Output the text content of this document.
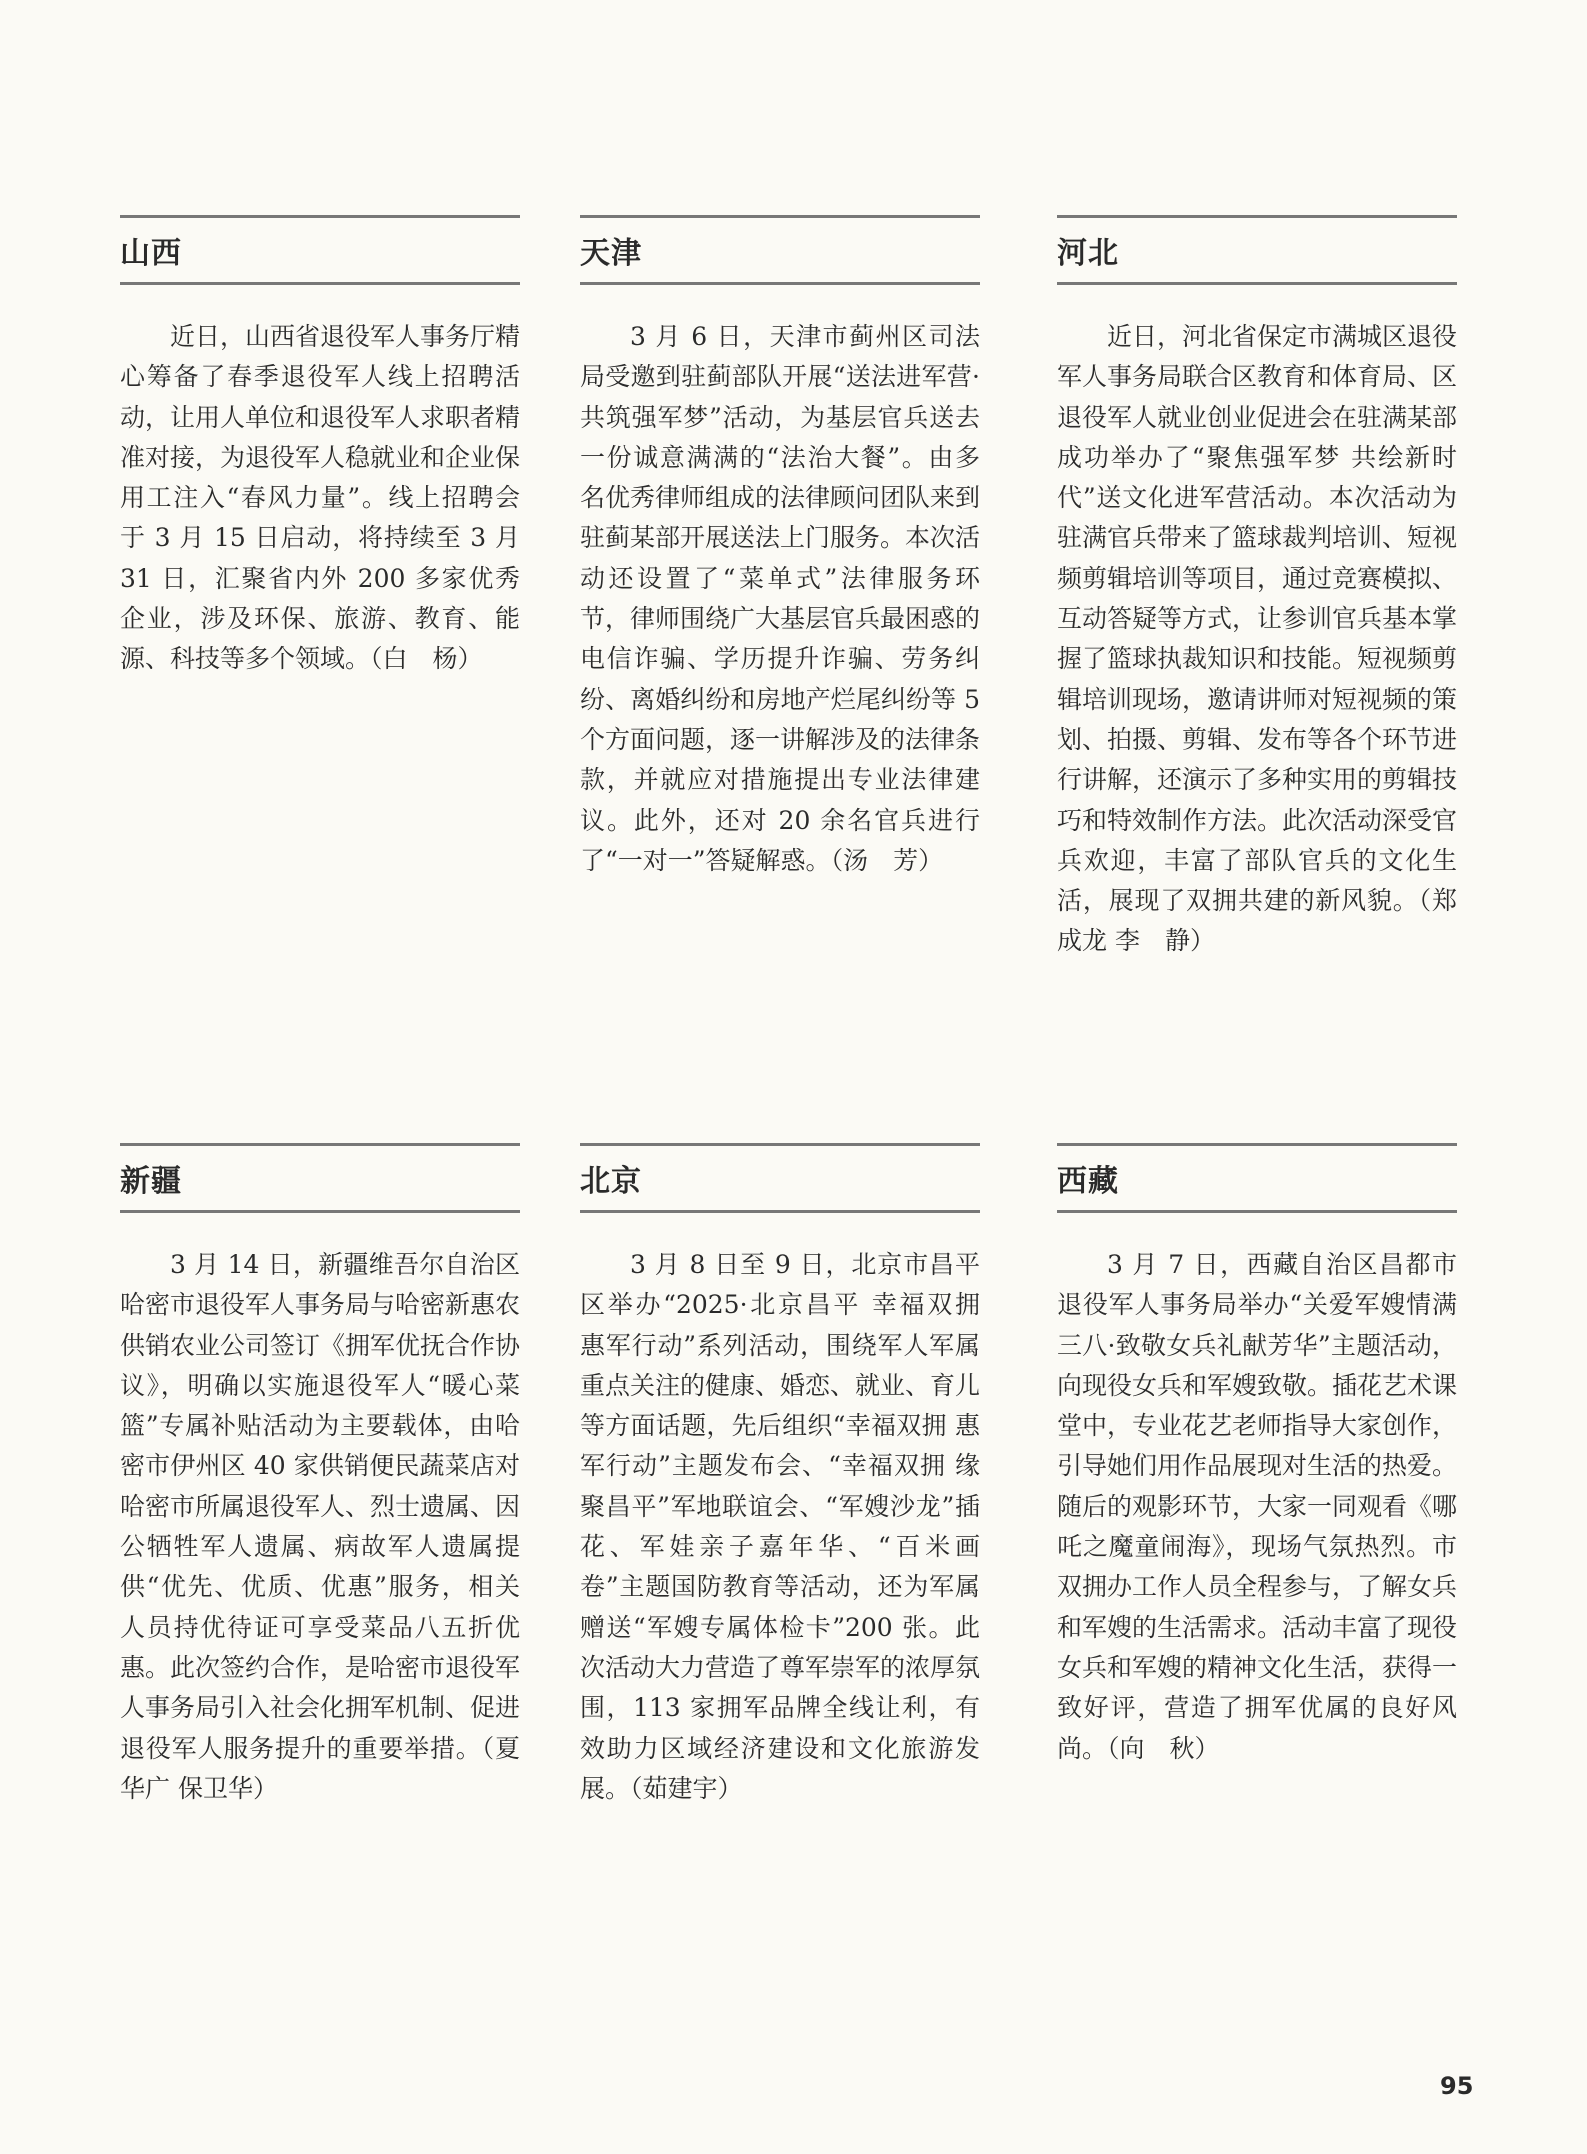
山西

近日，山西省退役军人事务厅精心筹备了春季退役军人线上招聘活动，让用人单位和退役军人求职者精准对接，为退役军人稳就业和企业保用工注入“春风力量”。线上招聘会于 3 月 15 日启动，将持续至 3 月 31 日，汇聚省内外 200 多家优秀企业，涉及环保、旅游、教育、能源、科技等多个领域。（白　杨）

天津

3 月 6 日，天津市蓟州区司法局受邀到驻蓟部队开展“送法进军营·共筑强军梦”活动，为基层官兵送去一份诚意满满的“法治大餐”。由多名优秀律师组成的法律顾问团队来到驻蓟某部开展送法上门服务。本次活动还设置了“菜单式”法律服务环节，律师围绕广大基层官兵最困惑的电信诈骗、学历提升诈骗、劳务纠纷、离婚纠纷和房地产烂尾纠纷等 5 个方面问题，逐一讲解涉及的法律条款，并就应对措施提出专业法律建议。此外，还对 20 余名官兵进行了“一对一”答疑解惑。（汤　芳）

河北

近日，河北省保定市满城区退役军人事务局联合区教育和体育局、区退役军人就业创业促进会在驻满某部成功举办了“聚焦强军梦 共绘新时代”送文化进军营活动。本次活动为驻满官兵带来了篮球裁判培训、短视频剪辑培训等项目，通过竞赛模拟、互动答疑等方式，让参训官兵基本掌握了篮球执裁知识和技能。短视频剪辑培训现场，邀请讲师对短视频的策划、拍摄、剪辑、发布等各个环节进行讲解，还演示了多种实用的剪辑技巧和特效制作方法。此次活动深受官兵欢迎，丰富了部队官兵的文化生活，展现了双拥共建的新风貌。（郑成龙 李　静）

新疆

3 月 14 日，新疆维吾尔自治区哈密市退役军人事务局与哈密新惠农供销农业公司签订《拥军优抚合作协议》，明确以实施退役军人“暖心菜篮”专属补贴活动为主要载体，由哈密市伊州区 40 家供销便民蔬菜店对哈密市所属退役军人、烈士遗属、因公牺牲军人遗属、病故军人遗属提供“优先、优质、优惠”服务，相关人员持优待证可享受菜品八五折优惠。此次签约合作，是哈密市退役军人事务局引入社会化拥军机制、促进退役军人服务提升的重要举措。（夏华广 保卫华）

北京

3 月 8 日至 9 日，北京市昌平区举办“2025·北京昌平 幸福双拥 惠军行动”系列活动，围绕军人军属重点关注的健康、婚恋、就业、育儿等方面话题，先后组织“幸福双拥 惠军行动”主题发布会、“幸福双拥 缘聚昌平”军地联谊会、“军嫂沙龙”插花、军娃亲子嘉年华、“百米画卷”主题国防教育等活动，还为军属赠送“军嫂专属体检卡”200 张。此次活动大力营造了尊军崇军的浓厚氛围，113 家拥军品牌全线让利，有效助力区域经济建设和文化旅游发展。（茹建宇）

西藏

3 月 7 日，西藏自治区昌都市退役军人事务局举办“关爱军嫂情满三八·致敬女兵礼献芳华”主题活动，向现役女兵和军嫂致敬。插花艺术课堂中，专业花艺老师指导大家创作，引导她们用作品展现对生活的热爱。随后的观影环节，大家一同观看《哪吒之魔童闹海》，现场气氛热烈。市双拥办工作人员全程参与，了解女兵和军嫂的生活需求。活动丰富了现役女兵和军嫂的精神文化生活，获得一致好评，营造了拥军优属的良好风尚。（向　秋）

95
